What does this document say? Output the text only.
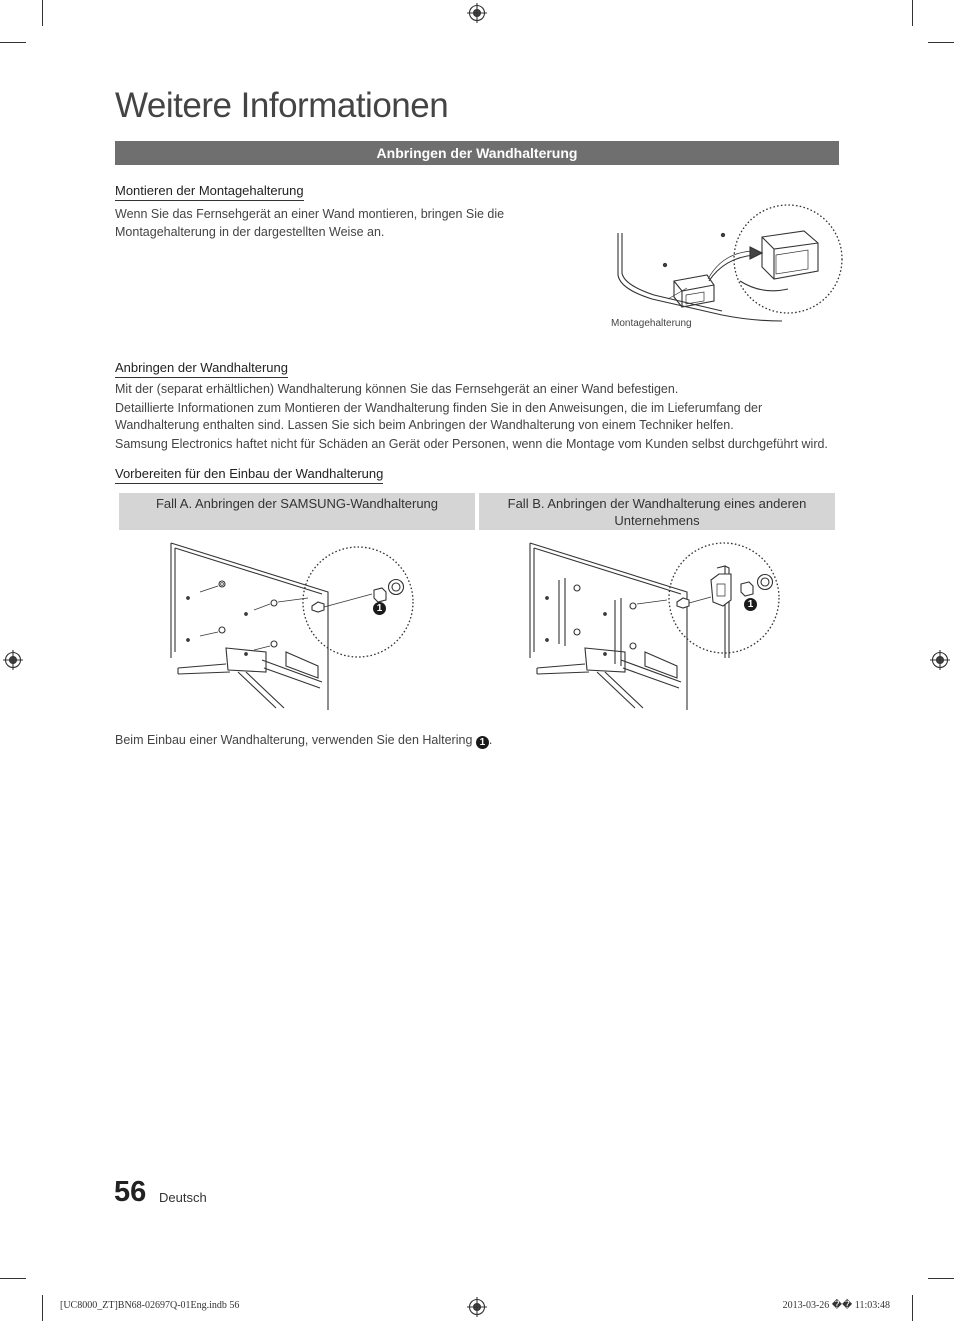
Weitere Informationen
Anbringen der Wandhalterung
Montieren der Montagehalterung
Wenn Sie das Fernsehgerät an einer Wand montieren, bringen Sie die
Montagehalterung in der dargestellten Weise an.
Montagehalterung
Anbringen der Wandhalterung
Mit der (separat erhältlichen) Wandhalterung können Sie das Fernsehgerät an einer Wand befestigen.
Detaillierte Informationen zum Montieren der Wandhalterung finden Sie in den Anweisungen, die im Lieferumfang der
Wandhalterung enthalten sind. Lassen Sie sich beim Anbringen der Wandhalterung von einem Techniker helfen.
Samsung Electronics haftet nicht für Schäden an Gerät oder Personen, wenn die Montage vom Kunden selbst durchgeführt wird.
Vorbereiten für den Einbau der Wandhalterung
Fall A. Anbringen der SAMSUNG-Wandhalterung	Fall B. Anbringen der Wandhalterung eines anderen
Unternehmens
1	1
Beim Einbau einer Wandhalterung, verwenden Sie den Haltering 1 .
56 Deutsch
[UC8000_ZT]BN68-02697Q-01Eng.indb 56	2013-03-26 �� 11:03:48
